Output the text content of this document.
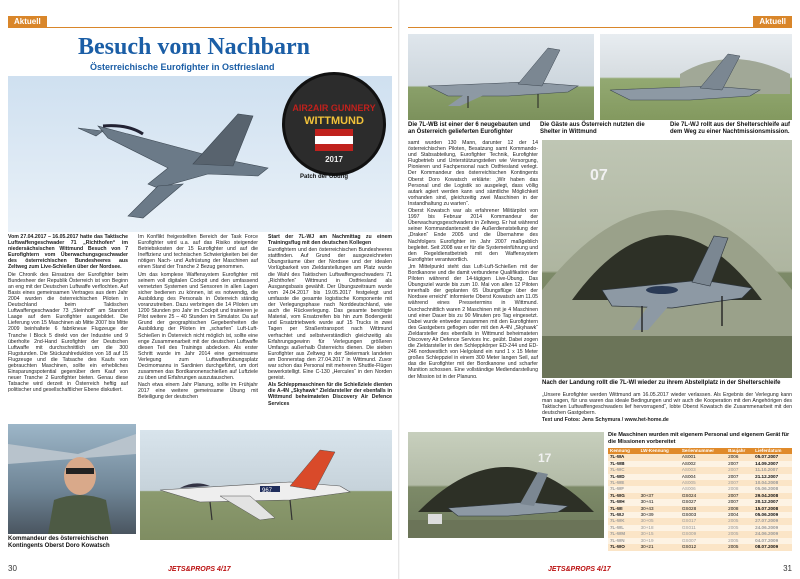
Aktuell
Besuch vom Nachbarn
Österreichische Eurofighter in Ostfriesland
AIR2AIR GUNNERY
WITTMUND
2017
Patch der Übung

Vom 27.04.2017 – 16.05.2017 hatte das Taktische Luftwaffengeschwader 71 „Richthofen“ im niedersächsischen Wittmund Besuch von 7 Eurofightern vom Überwachungsgeschwader des österreichischen Bundesheeres aus Zeltweg zum Live-Schießen über der Nordsee.

Die Chronik des Einsatzes der Eurofighter beim Bundesheer der Republik Österreich ist von Beginn an eng mit der Deutschen Luftwaffe verflochten. Auf Basis eines gemeinsamen Vertrages aus dem Jahr 2004 wurden die österreichischen Piloten in Deutschland beim Taktischen Luftwaffengeschwader 73 „Steinhoff“ am Standort Laage auf dem Eurofighter ausgebildet. Die Lieferung von 15 Maschinen ab Mitte 2007 bis Mitte 2009 beinhaltete 6 fabrikneue Flugzeuge der Tranche I Block 5 direkt von der Industrie und 9 überholte 2nd-Hand Eurofighter der Deutschen Luftwaffe mit durchschnittlich um die 300 Flugstunden. Die Stückzahlreduktion von 18 auf 15 Flugzeuge und die Tatsache des Kaufs von gebrauchten Maschinen, sollte ein erhebliches Einsparungspotential gegenüber dem Kauf von neuer Tranche 2 Eurofighter bieten. Genau diese Tatsache wird derzeit in Österreich heftig auf politischer und gesellschaftlicher Ebene diskutiert.

Im Konflikt freigestellten Bereich der Task Force Eurofighter wird u.a. auf das Risiko steigender Betriebskosten der 15 Eurofighter und auf die Ineffizienz und technischen Schwierigkeiten bei der nötigen Nach- und Aufrüstung der Maschinen auf einen Stand der Tranche 2 Bezug genommen.

Um das komplexe Waffensystem Eurofighter mit seinem voll digitalen Cockpit und den umfassend vernetzten Systemen und Sensoren in allen Lagen sicher bedienen zu können, ist es notwendig, die Ausbildung des Personals in Österreich ständig voranzutreiben. Dazu verbringen die 14 Piloten um 1200 Stunden pro Jahr im Cockpit und trainieren je Pilot weitere 25 – 40 Stunden im Simulator. Da auf Grund der geographischen Gegebenheiten die Ausbildung der Piloten im „scharfen“ Luft-Luft-Schießen in Österreich nicht möglich ist, sollte eine enge Zusammenarbeit mit der deutschen Luftwaffe diesen Teil des Trainings abdecken. Als erster Schritt wurde im Jahr 2014 eine gemeinsame Verlegung zum Luftwaffenübungsplatz Decimomannu in Sardinien durchgeführt, um dort zusammen das Bordkanonenschießen auf Luftziele zu üben und Erfahrungen auszutauschen.

Nach etwa einem Jahr Planung, sollte im Frühjahr 2017 eine weitere gemeinsame Übung mit Beteiligung der deutschen

Start der 7L-WJ am Nachmittag zu einem Trainingsflug mit den deutschen Kollegen

Eurofightern und den österreichischen Bundesheeres stattfinden. Auf Grund der ausgezeichneten Übungsräume über der Nordsee und der idealen Vorlügbarkeit von Zieldarstellungen am Platz wurde die Wahl des Taktischen Luftwaffengeschwaders 71 „Richthofen“ Wittmund in Ostfriesland als Ausgangsbasis gewählt. Der Übungszeitraum wurde vom 24.04.2017 bis 19.05.2017 festgelegt und umfasste die gesamte logistische Komponente mit der Verlegungsphase nach Norddeutschland, wie auch die Rückverlegung. Das gesamte benötigte Material, vom Ersatzreifen bis hin zum Bodengerät und Ersatztriebwerk wurde auf 15 Trucks in zwei Tagen per Straßentransport nach Wittmund verfrachtet und selbstverständlich gleichzeitig als Erfahrungsgewinn für Verlegungen größeren Umfangs außerhalb Österreichs dienen. Die sieben Eurofighter aus Zeltweg in der Steiermark landeten am Donnerstag den 27.04.2017 in Wittmund. Zuvor war schon das Personal mit mehreren Shuttle-Flügen bewerkstelligt. Eine C-130 „Hercules“ in den Norden gereist.

Als Schleppmaschinen für die Schießziele dienten die A-4N „Skyhawk“ Zieldarsteller der ebenfalls in Wittmund beheimateten Discovery Air Defence Services

Kommandeur des österreichischen Kontingents Oberst Doro Kowatsch
967
30	JETS&PROPS 4/17
Aktuell
Die 7L-WB ist einer der 6 neugebauten und an Österreich gelieferten Eurofighter
Die Gäste aus Österreich nutzten die Shelter in Wittmund
Die 7L-WJ rollt aus der Shelterschleife auf dem Weg zu einer Nachtmissionsmission.

samt wurden 130 Mann, darunter 12 der 14 österreichischen Piloten, Besatzung samt Kommando- und Stabsabteilung, Eurofighter Technik, Eurofighter Flugbetrieb und Unterstützungsteilen wie Versorgung, Pionieren und Fachpersonal nach Ostfriesland verlegt. Der Kommandeur des österreichischen Kontingents Oberst Doro Kowatsch erklärte: „Wir haben das Personal und die Logistik so ausgelegt, dass völlig autark agiert werden kann und sämtliche Möglichkeit vorhanden sind, gleichzeitig zwei Maschinen in der Instandhaltung zu warten“.

Oberst Kowatsch war als erfahrener Militärpilot von 1997 bis Februar 2014 Kommandeur der Überwachungsgeschwaders in Zeltweg. Er hat während seiner Kommandantenzeit die Außerdienststellung der „Draken“ Ende 2005 und die Übernahme des Nachfolgers Eurofighter im Jahr 2007 maßgeblich begleitet. Seit 2008 war er für die Systemeinführung und den Regeldienstbetrieb mit den Waffensystem Eurofighter verantwortlich.

„Im Mittelpunkt steht das Luft-Luft-Schießen mit der Bordkanone und die damit verbundene Qualifikation der Piloten während der 14-tägigen Live-Übung. Das Übungsziel wurde bis zum 10. Mai von allen 12 Piloten innerhalb der geplanten 65 Übungsflüge über der Nordsee erreicht“ informierte Oberst Kowatsch am 11.05 während eines Pressetermins in Wittmund. Durchschnittlich waren 2 Maschinen mit je 4 Maschinen und einer Dauer bis zu 90 Minuten pro Tag eingesetzt. Dabei wurde entweder zusammen mit den Eurofightern des Gastgebers geflogen oder mit den A-4N „Skyhawk“ Zieldarsteller des ebenfalls in Wittmund beheimateten Discovery Air Defence Services Inc. geübt. Dabei zogen die Zieldarsteller in den Schleppkörper ED-244 und ED-246 nordwestlich von Helgoland ein rund 1 x 15 Meter großes Schleppziel in einem 300 Meter langen Seil, auf das die Eurofighter mit der Bordkanone und scharfer Munition schossen. Eine vollständige Mediendarstellung der Mission ist in der Planung.

07
Nach der Landung rollt die 7L-WI wieder zu ihrem Abstellplatz in der Shelterschleife

„Unsere Eurofighter werden Wittmund am 16.05.2017 wieder verlassen. Als Ergebnis der Verlegung kann man sagen, für uns waren das ideale Bedingungen und wir auch die Kooperation mit den Angehörigen des Taktischen Luftwaffengeschwaders lief hervorragend“, lobte Oberst Kowatsch die Zusammenarbeit mit den deutschen Gastgebern.

Text und Fotos: Jens Schymura / www.het-home.de

17
Die Maschinen wurden mit eigenem Personal und eigenem Gerät für die Missionen vorbereitet
Kennung	LW-Kennung	Seriennummer	Baujahr	Lieferdatum
7L-WA		AS001	2006	05.07.2007
7L-WB		AS002	2007	14.09.2007
7L-WC		AS003	2007	11.10.2007
7L-WD		AS004	2007	21.12.2007
7L-WE		AS005	2007	10.04.2008
7L-WF		AS006	2008	05.06.2008
7L-WG	30+37	GS024	2007	29.04.2008
7L-WH	30+41	GS027	2007	20.12.2007
7L-WI	30+43	GS028	2008	15.07.2008
7L-WJ	30+39	GS003	2004	05.06.2009
7L-WK	30+05	GS017	2005	27.07.2009
7L-WL	30+18	GS011	2005	24.06.2009
7L-WM	30+15	GS009	2005	24.06.2009
7L-WN	30+19	GS007	2005	04.07.2009
7L-WO	30+21	GS012	2005	08.07.2009
31
JETS&PROPS 4/17
